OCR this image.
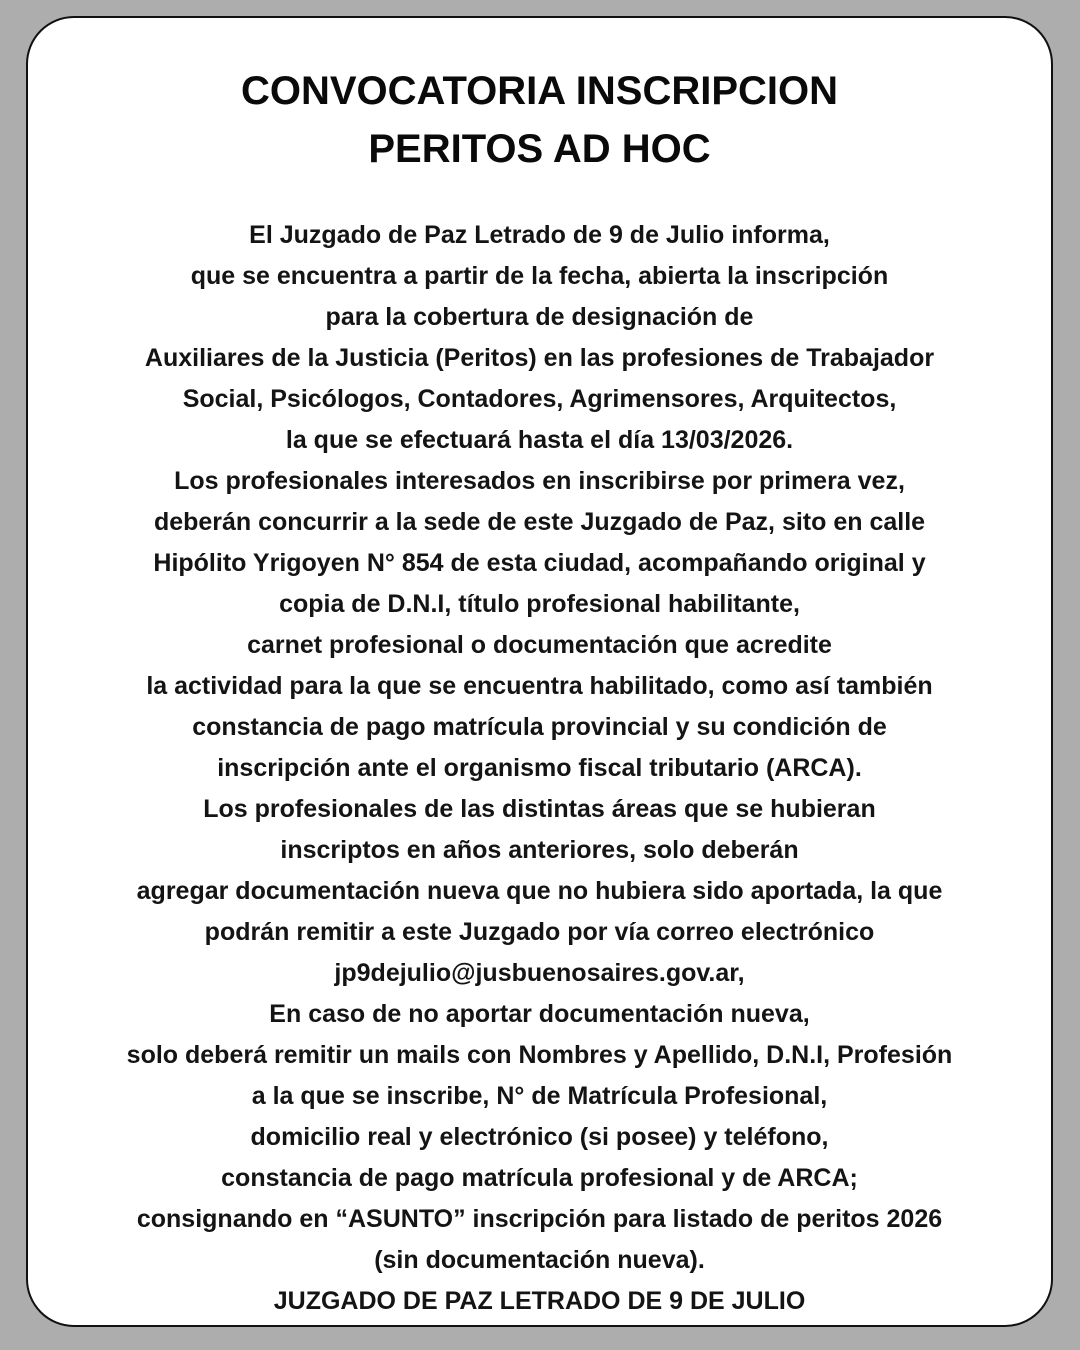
CONVOCATORIA INSCRIPCION
PERITOS AD HOC
El Juzgado de Paz Letrado de 9 de Julio informa,
que se encuentra a partir de la fecha, abierta la inscripción
para la cobertura de designación de
Auxiliares de la Justicia (Peritos) en las profesiones de Trabajador
Social, Psicólogos, Contadores, Agrimensores, Arquitectos,
la que se efectuará hasta el día 13/03/2026.
Los profesionales interesados en inscribirse por primera vez,
deberán concurrir a la sede de este Juzgado de Paz, sito en calle
Hipólito Yrigoyen N° 854 de esta ciudad, acompañando original y
copia de D.N.I, título profesional habilitante,
carnet profesional o documentación que acredite
la actividad para la que se encuentra habilitado, como así también
constancia de pago matrícula provincial y su condición de
inscripción ante el organismo fiscal tributario (ARCA).
Los profesionales de las distintas áreas que se hubieran
inscriptos en años anteriores, solo deberán
agregar documentación nueva que no hubiera sido aportada, la que
podrán remitir a este Juzgado por vía correo electrónico
jp9dejulio@jusbuenosaires.gov.ar,
En caso de no aportar documentación nueva,
solo deberá remitir un mails con Nombres y Apellido, D.N.I, Profesión
a la que se inscribe, N° de Matrícula Profesional,
domicilio real y electrónico (si posee) y teléfono,
constancia de pago matrícula profesional y de ARCA;
consignando en “ASUNTO” inscripción para listado de peritos 2026
(sin documentación nueva).
JUZGADO DE PAZ LETRADO DE 9 DE JULIO
